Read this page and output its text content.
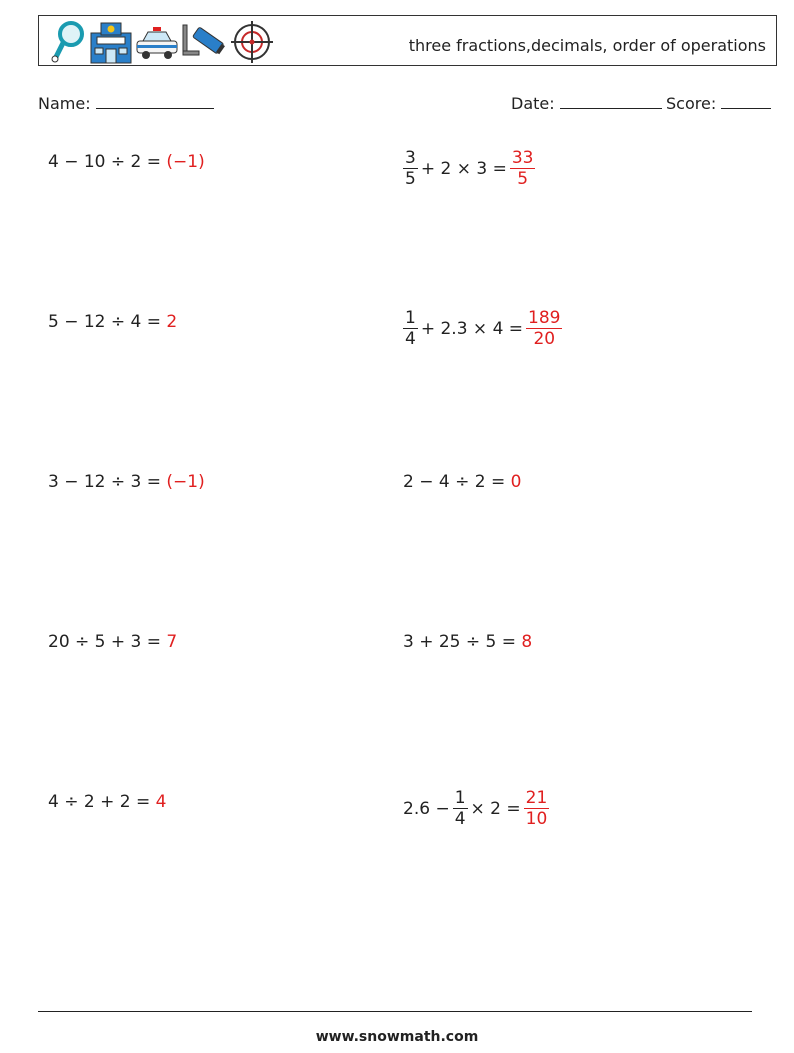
three fractions,decimals, order of operations
Name:	Date:	Score:
4 − 10 ÷ 2 =
(−1)	$\frac{3}{5} + 2 \times 3 = \frac{33}{5}$
5 − 12 ÷ 4 =
2	$\frac{1}{4} + 2.3 \times 4 = \frac{189}{20}$
3 − 12 ÷ 3 =
(−1)	2 − 4 ÷ 2 =
0
20 ÷ 5 + 3 =
7	3 + 25 ÷ 5 =
8
4 ÷ 2 + 2 =
4	$2.6 - \frac{1}{4} \times 2 = \frac{21}{10}$
www.snowmath.com
